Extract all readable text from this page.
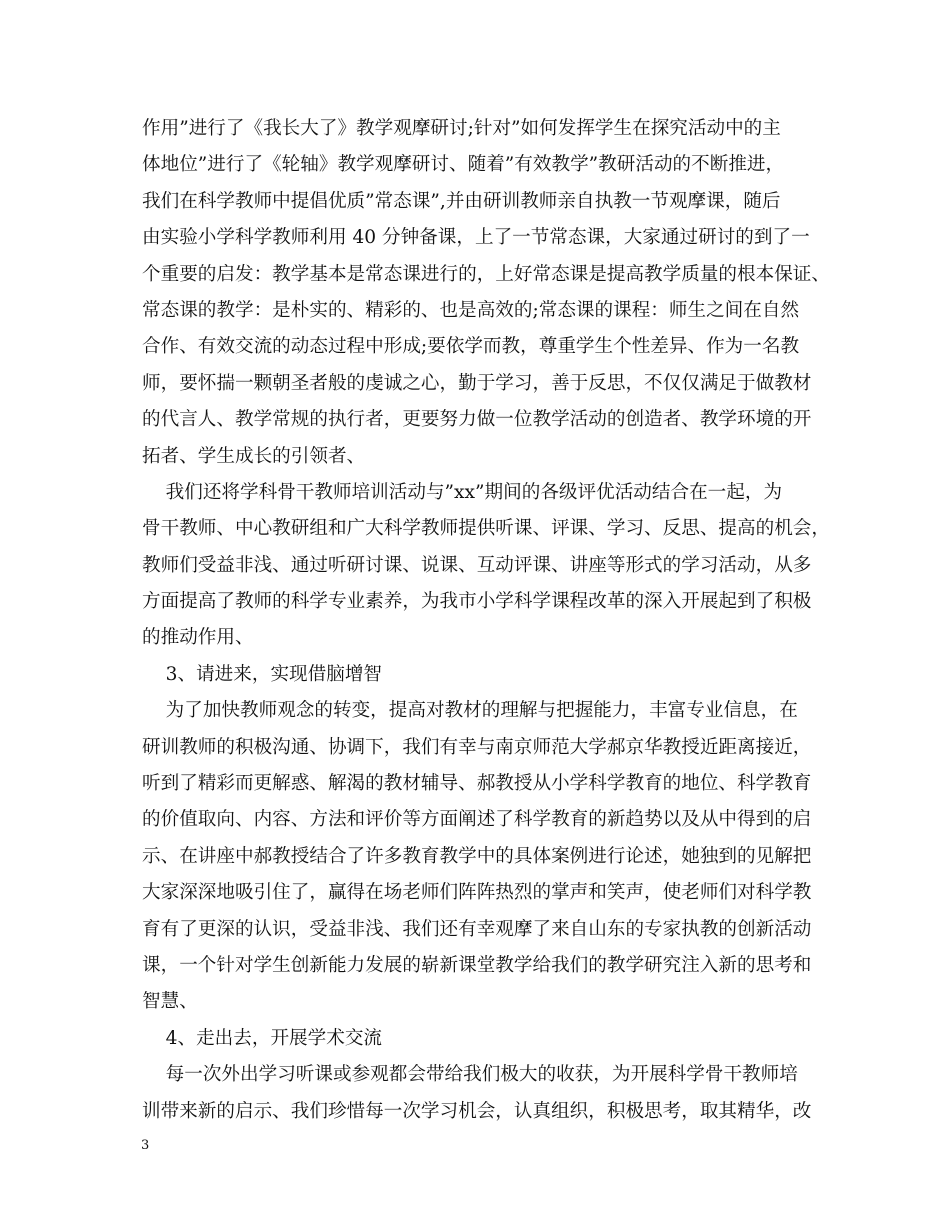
作用”进行了《我长大了》教学观摩研讨;针对”如何发挥学生在探究活动中的主
体地位”进行了《轮轴》教学观摩研讨、随着”有效教学”教研活动的不断推进，
我们在科学教师中提倡优质”常态课”,并由研训教师亲自执教一节观摩课，随后
由实验小学科学教师利用 40 分钟备课，上了一节常态课，大家通过研讨的到了一
个重要的启发：教学基本是常态课进行的，上好常态课是提高教学质量的根本保证、
常态课的教学：是朴实的、精彩的、也是高效的;常态课的课程：师生之间在自然
合作、有效交流的动态过程中形成;要依学而教，尊重学生个性差异、作为一名教
师，要怀揣一颗朝圣者般的虔诚之心，勤于学习，善于反思，不仅仅满足于做教材
的代言人、教学常规的执行者，更要努力做一位教学活动的创造者、教学环境的开
拓者、学生成长的引领者、
我们还将学科骨干教师培训活动与”xx”期间的各级评优活动结合在一起，为
骨干教师、中心教研组和广大科学教师提供听课、评课、学习、反思、提高的机会，
教师们受益非浅、通过听研讨课、说课、互动评课、讲座等形式的学习活动，从多
方面提高了教师的科学专业素养，为我市小学科学课程改革的深入开展起到了积极
的推动作用、
3、请进来，实现借脑增智
为了加快教师观念的转变，提高对教材的理解与把握能力，丰富专业信息，在
研训教师的积极沟通、协调下，我们有幸与南京师范大学郝京华教授近距离接近，
听到了精彩而更解惑、解渴的教材辅导、郝教授从小学科学教育的地位、科学教育
的价值取向、内容、方法和评价等方面阐述了科学教育的新趋势以及从中得到的启
示、在讲座中郝教授结合了许多教育教学中的具体案例进行论述，她独到的见解把
大家深深地吸引住了，赢得在场老师们阵阵热烈的掌声和笑声，使老师们对科学教
育有了更深的认识，受益非浅、我们还有幸观摩了来自山东的专家执教的创新活动
课，一个针对学生创新能力发展的崭新课堂教学给我们的教学研究注入新的思考和
智慧、
4、走出去，开展学术交流
每一次外出学习听课或参观都会带给我们极大的收获，为开展科学骨干教师培
训带来新的启示、我们珍惜每一次学习机会，认真组织，积极思考，取其精华，改
3
